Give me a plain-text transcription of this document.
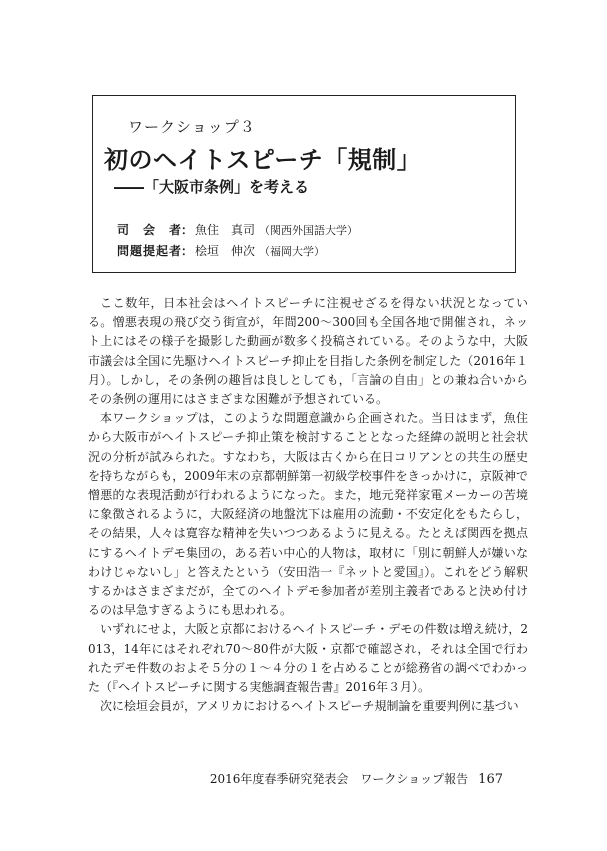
ワークショップ３
初のヘイトスピーチ「規制」
――「大阪市条例」を考える
司会者： 魚住　真司 （関西外国語大学）
問題提起者： 桧垣　伸次 （福岡大学）

ここ数年，日本社会はヘイトスピーチに注視せざるを得ない状況となっている。憎悪表現の飛び交う街宣が，年間200～300回も全国各地で開催され，ネット上にはその様子を撮影した動画が数多く投稿されている。そのような中，大阪市議会は全国に先駆けヘイトスピーチ抑止を目指した条例を制定した（2016年１月）。しかし，その条例の趣旨は良しとしても，「言論の自由」との兼ね合いからその条例の運用にはさまざまな困難が予想されている。

本ワークショップは，このような問題意識から企画された。当日はまず，魚住から大阪市がヘイトスピーチ抑止策を検討することとなった経緯の説明と社会状況の分析が試みられた。すなわち，大阪は古くから在日コリアンとの共生の歴史を持ちながらも，2009年末の京都朝鮮第一初級学校事件をきっかけに，京阪神で憎悪的な表現活動が行われるようになった。また，地元発祥家電メーカーの苦境に象徴されるように，大阪経済の地盤沈下は雇用の流動・不安定化をもたらし，その結果，人々は寛容な精神を失いつつあるように見える。たとえば関西を拠点にするヘイトデモ集団の，ある若い中心的人物は，取材に「別に朝鮮人が嫌いなわけじゃないし」と答えたという（安田浩一『ネットと愛国』）。これをどう解釈するかはさまざまだが，全てのヘイトデモ参加者が差別主義者であると決め付けるのは早急すぎるようにも思われる。

いずれにせよ，大阪と京都におけるヘイトスピーチ・デモの件数は増え続け，2013，14年にはそれぞれ70～80件が大阪・京都で確認され，それは全国で行われたデモ件数のおよそ５分の１～４分の１を占めることが総務省の調べでわかった（『ヘイトスピーチに関する実態調査報告書』2016年３月）。

次に桧垣会員が，アメリカにおけるヘイトスピーチ規制論を重要判例に基づい

2016年度春季研究発表会　ワークショップ報告 167
